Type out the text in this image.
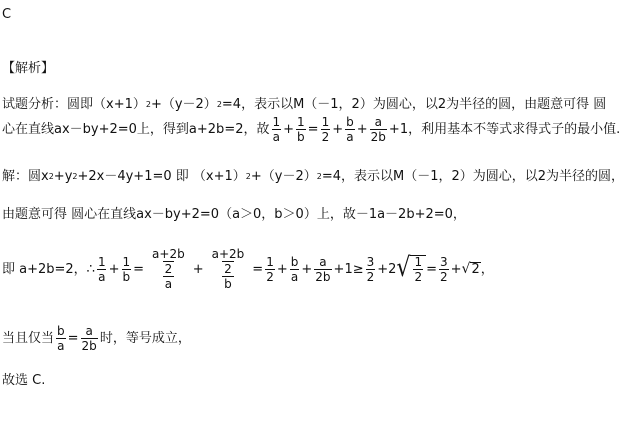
C
【解析】
试题分析：圆即（x+1） 2 +（y－2） 2 =4，表示以M（－1，2）为圆心，以2为半径的圆，由题意可得 圆
心在直线ax－by+2=0上，得到a+2b=2，故 $\frac{1}{a} + \frac{1}{b} = \frac{1}{2} + \frac{b}{a} + \frac{a}{2b} +1$ ，利用基本不等式求得式子的最小值.
解：圆x 2 +y 2 +2x－4y+1=0 即 （x+1） 2 +（y－2） 2 =4，表示以M（－1，2）为圆心，以2为半径的圆，
由题意可得 圆心在直线ax－by+2=0（a＞0，b＞0）上，故－1a－2b+2=0，
即 a+2b=2，∴ $\frac{1}{a} + \frac{1}{b} = \frac{\frac{a+2b}{2}}{a} + \frac{\frac{a+2b}{2}}{b} = \frac{1}{2} + \frac{b}{a} + \frac{a}{2b} +1\ge \frac{3}{2} +2$ √ $\frac{1}{2} = \frac{3}{2}$ + √ 2 ，
当且仅当 $\frac{b}{a} = \frac{a}{2b}$ 时，等号成立，
故选 C.
